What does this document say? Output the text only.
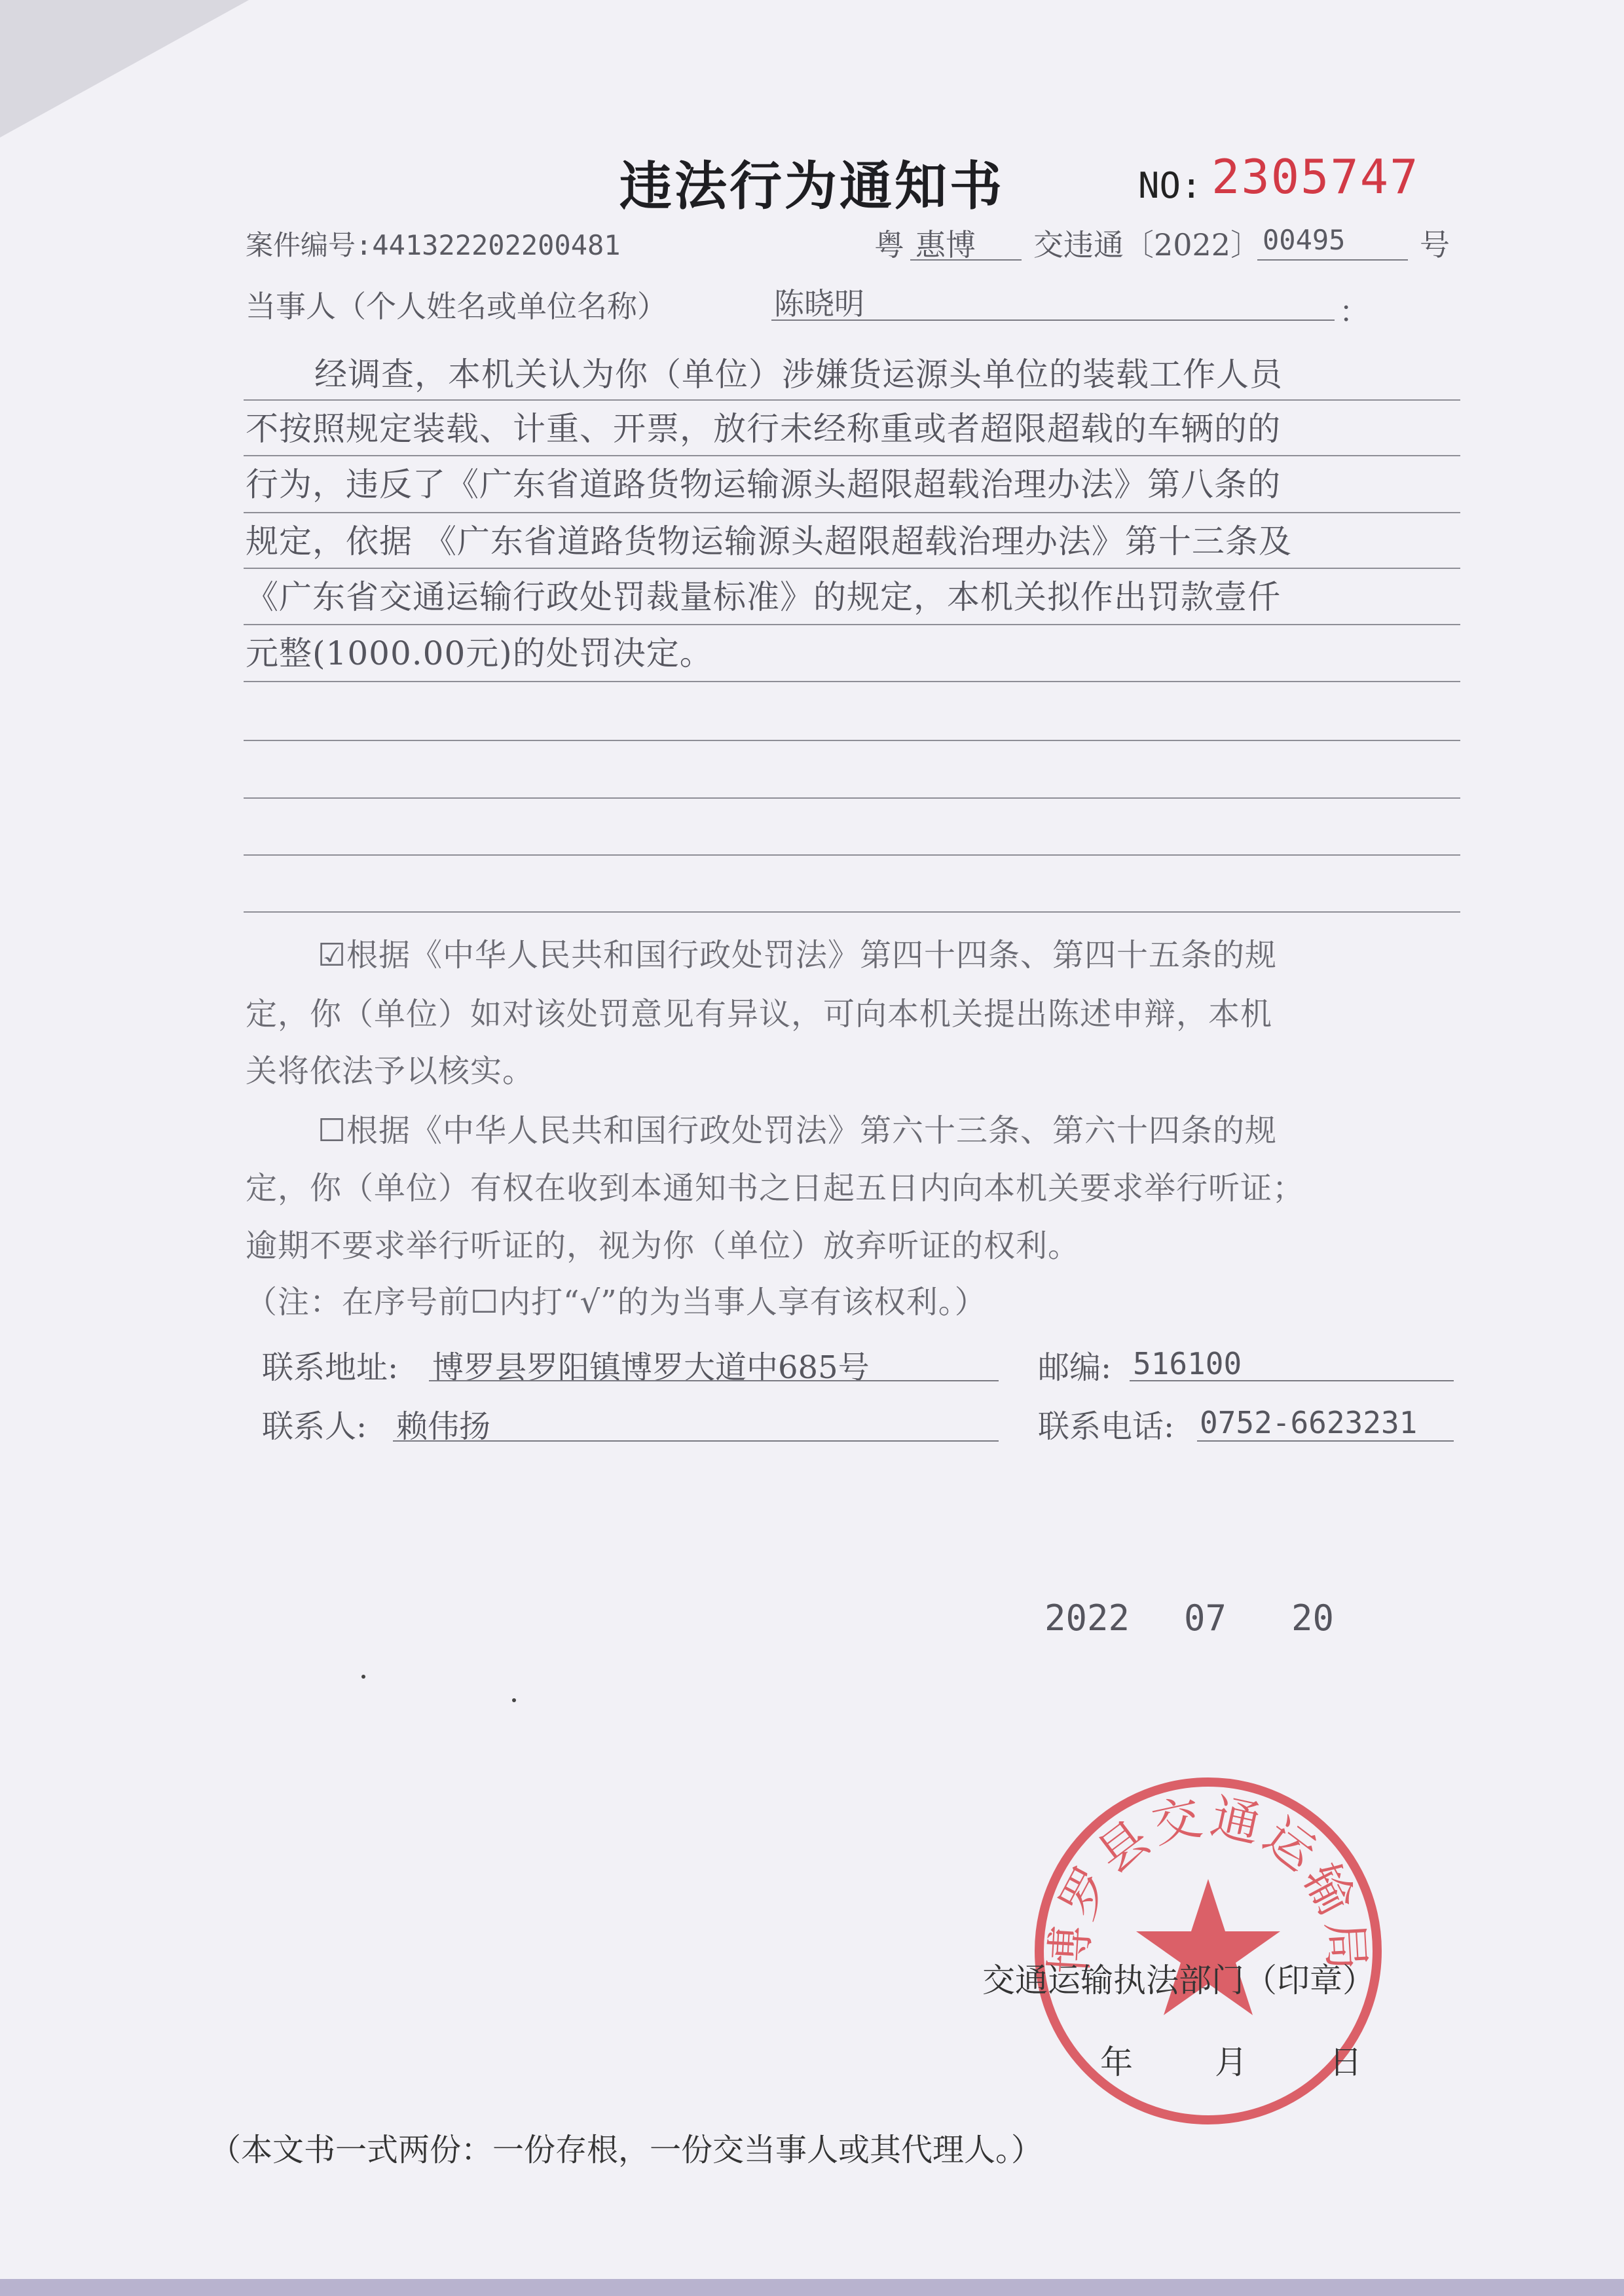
违法行为通知书	NO: 2305747
案件编号:441322202200481	粤 惠博 交违通〔2022〕 00495 号
当事人（个人姓名或单位名称）	陈晓明	：
经调查，本机关认为你（单位）涉嫌货运源头单位的装载工作人员
不按照规定装载、计重、开票，放行未经称重或者超限超载的车辆的的
行为，违反了《广东省道路货物运输源头超限超载治理办法》第八条的
规定，依据 《广东省道路货物运输源头超限超载治理办法》第十三条及
《广东省交通运输行政处罚裁量标准》的规定，本机关拟作出罚款壹仟
元整(1000.00元)的处罚决定。
☑根据《中华人民共和国行政处罚法》第四十四条、第四十五条的规
定，你（单位）如对该处罚意见有异议，可向本机关提出陈述申辩，本机
关将依法予以核实。
☐根据《中华人民共和国行政处罚法》第六十三条、第六十四条的规
定，你（单位）有权在收到本通知书之日起五日内向本机关要求举行听证；
逾期不要求举行听证的，视为你（单位）放弃听证的权利。
（注：在序号前☐内打“√”的为当事人享有该权利。）
联系地址: 博罗县罗阳镇博罗大道中685号	邮编: 516100
联系人: 赖伟扬	联系电话: 0752-6623231
2022 07 20
博罗县交通运输局
交通运输执法部门（印章）
年	月	日
（本文书一式两份：一份存根，一份交当事人或其代理人。）
